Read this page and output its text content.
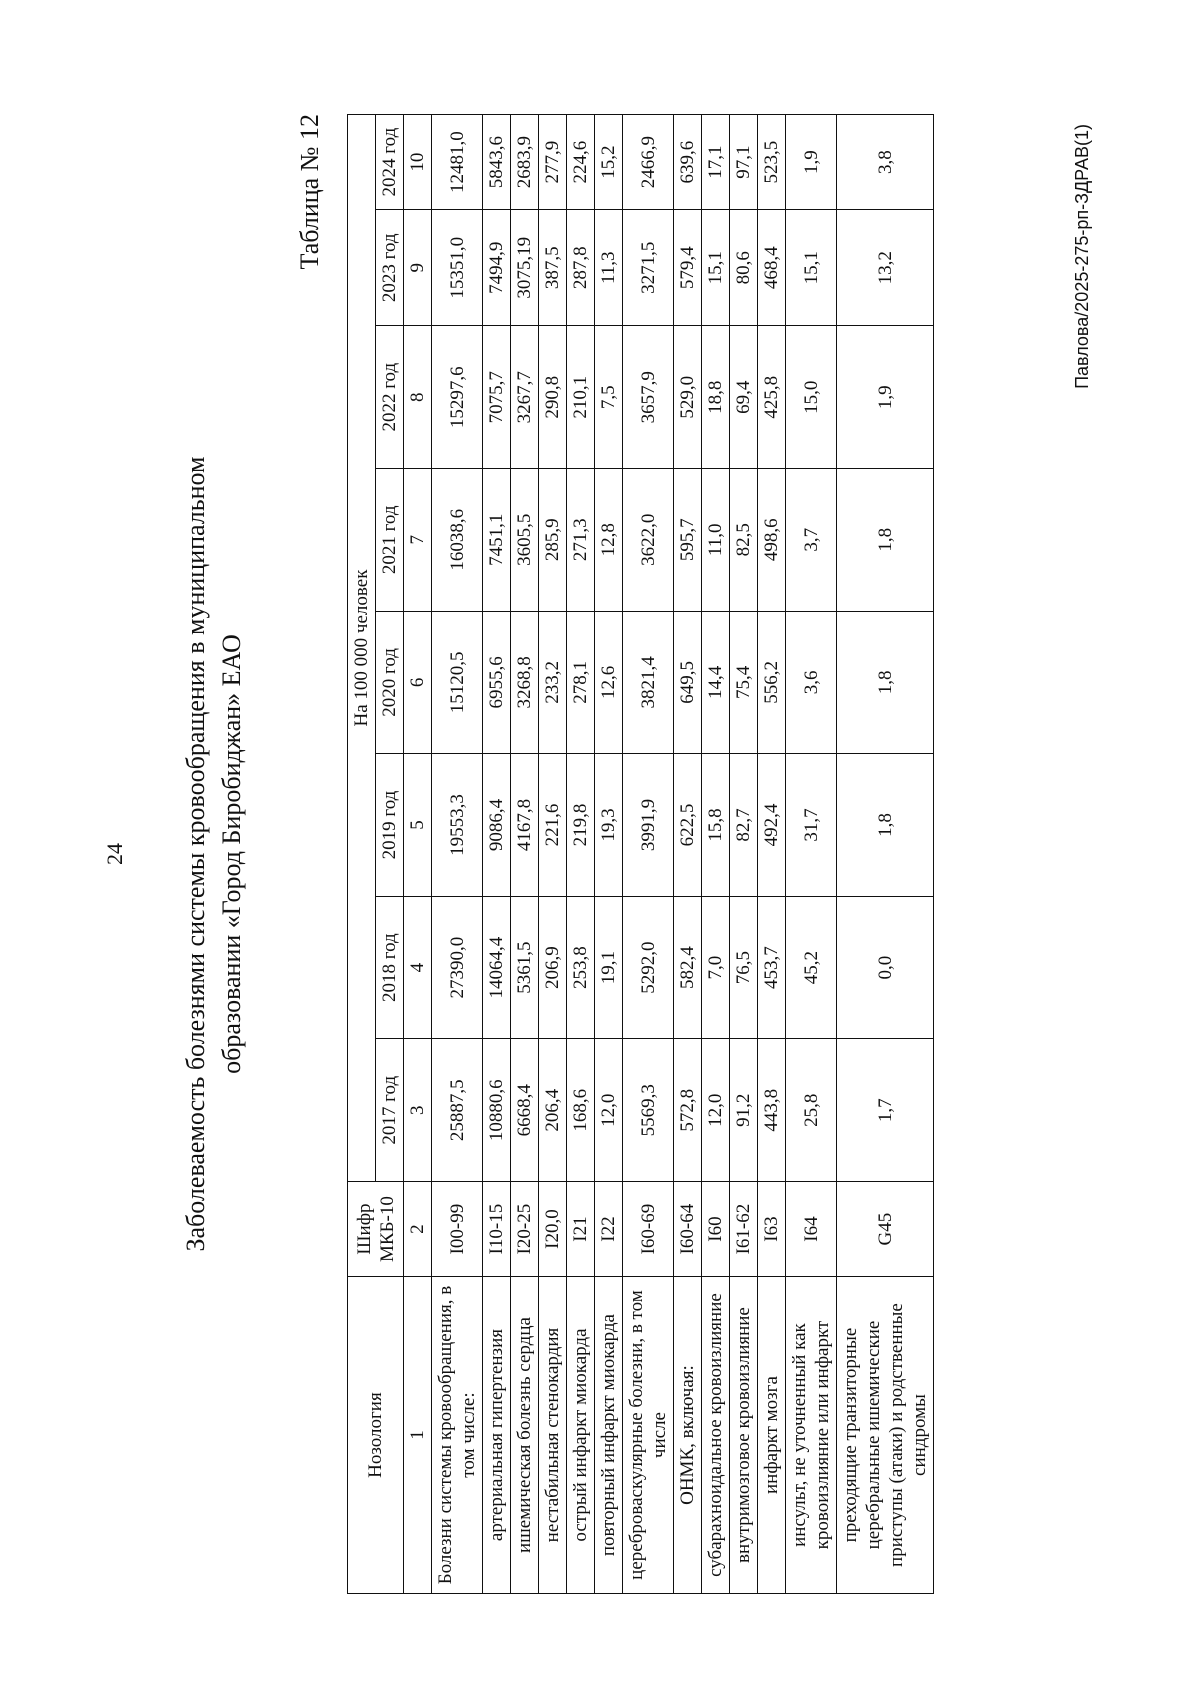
24 Заболеваемость болезнями системы кровообращения в муниципальном образовании «Город Биробиджан» ЕАО
Таблица № 12
Нозология	Шифр МКБ-10	На 100 000 человек							
		2017 год	2018 год	2019 год	2020 год	2021 год	2022 год	2023 год	2024 год
1	2	3	4	5	6	7	8	9	10
Болезни системы кровообращения, в том числе:	I00-99	25887,5	27390,0	19553,3	15120,5	16038,6	15297,6	15351,0	12481,0
артериальная гипертензия	I10-15	10880,6	14064,4	9086,4	6955,6	7451,1	7075,7	7494,9	5843,6
ишемическая болезнь сердца	I20-25	6668,4	5361,5	4167,8	3268,8	3605,5	3267,7	3075,19	2683,9
нестабильная стенокардия	I20,0	206,4	206,9	221,6	233,2	285,9	290,8	387,5	277,9
острый инфаркт миокарда	I21	168,6	253,8	219,8	278,1	271,3	210,1	287,8	224,6
повторный инфаркт миокарда	I22	12,0	19,1	19,3	12,6	12,8	7,5	11,3	15,2
цереброваскулярные болезни, в том числе	I60-69	5569,3	5292,0	3991,9	3821,4	3622,0	3657,9	3271,5	2466,9
ОНМК, включая:	I60-64	572,8	582,4	622,5	649,5	595,7	529,0	579,4	639,6
субарахноидальное кровоизлияние	I60	12,0	7,0	15,8	14,4	11,0	18,8	15,1	17,1
внутримозговое кровоизлияние	I61-62	91,2	76,5	82,7	75,4	82,5	69,4	80,6	97,1
инфаркт мозга	I63	443,8	453,7	492,4	556,2	498,6	425,8	468,4	523,5
инсульт, не уточненный как кровоизлияние или инфаркт	I64	25,8	45,2	31,7	3,6	3,7	15,0	15,1	1,9
преходящие транзиторные церебральные ишемические приступы (атаки) и родственные синдромы	G45	1,7	0,0	1,8	1,8	1,8	1,9	13,2	3,8	Павлова/2025-275-рп-ЗДРАВ(1)
